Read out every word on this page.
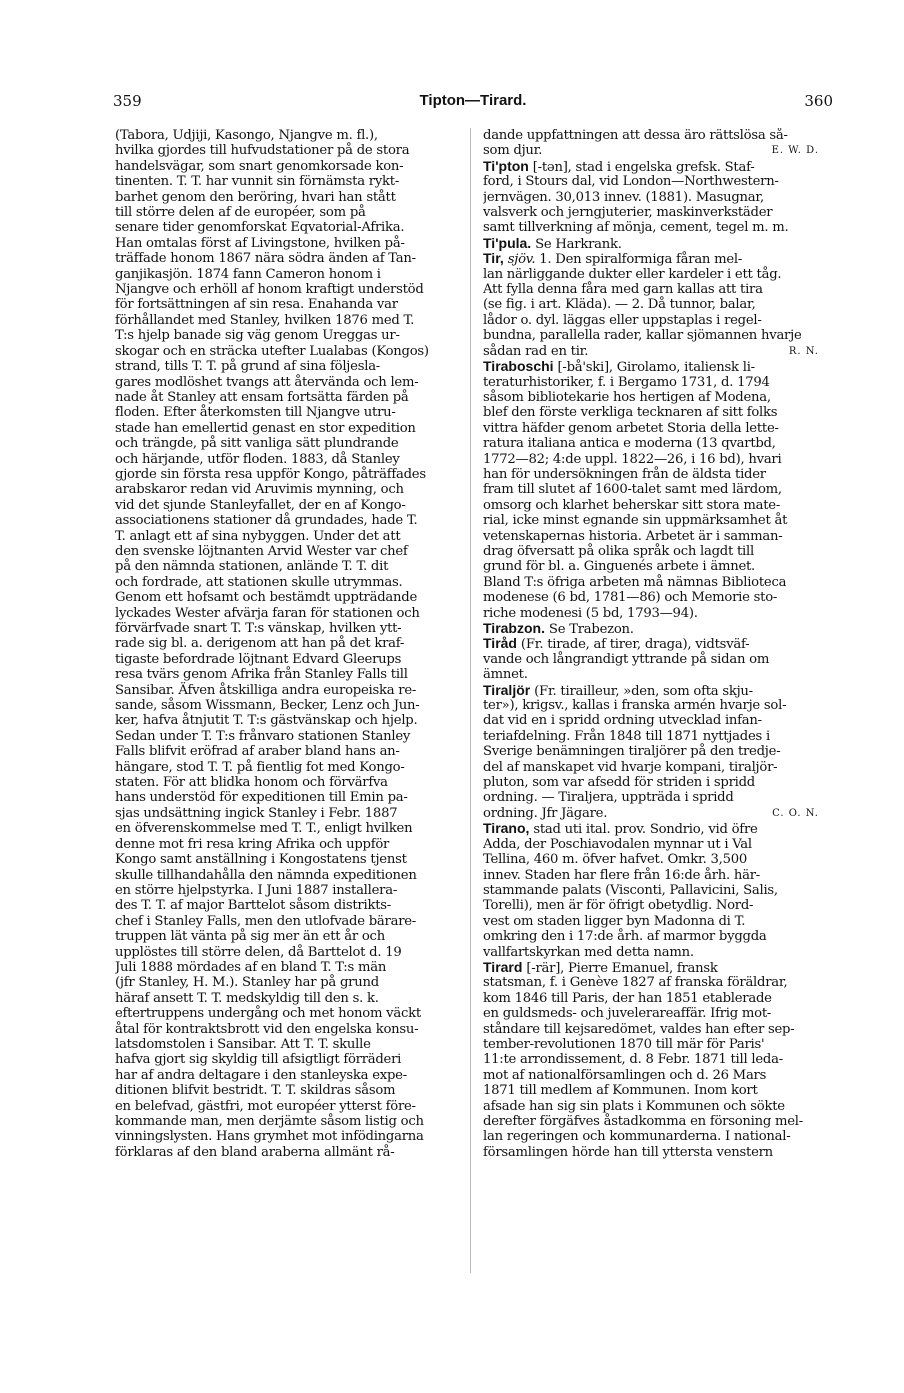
359	Tipton—Tirard.	360
(Tabora, Udjiji, Kasongo, Njangve m. fl.),
hvilka gjordes till hufvudstationer på de stora
handelsvägar, som snart genomkorsade kon-
tinenten. T. T. har vunnit sin förnämsta rykt-
barhet genom den beröring, hvari han stått
till större delen af de européer, som på
senare tider genomforskat Eqvatorial-Afrika.
Han omtalas först af Livingstone, hvilken på-
träffade honom 1867 nära södra änden af Tan-
ganjikasjön. 1874 fann Cameron honom i
Njangve och erhöll af honom kraftigt understöd
för fortsättningen af sin resa. Enahanda var
förhållandet med Stanley, hvilken 1876 med T.
T:s hjelp banade sig väg genom Ureggas ur-
skogar och en sträcka utefter Lualabas (Kongos)
strand, tills T. T. på grund af sina följesla-
gares modlöshet tvangs att återvända och lem-
nade åt Stanley att ensam fortsätta färden på
floden. Efter återkomsten till Njangve utru-
stade han emellertid genast en stor expedition
och trängde, på sitt vanliga sätt plundrande
och härjande, utför floden. 1883, då Stanley
gjorde sin första resa uppför Kongo, påträffades
arabskaror redan vid Aruvimis mynning, och
vid det sjunde Stanleyfallet, der en af Kongo-
associationens stationer då grundades, hade T.
T. anlagt ett af sina nybyggen. Under det att
den svenske löjtnanten Arvid Wester var chef
på den nämnda stationen, anlände T. T. dit
och fordrade, att stationen skulle utrymmas.
Genom ett hofsamt och bestämdt uppträdande
lyckades Wester afvärja faran för stationen och
förvärfvade snart T. T:s vänskap, hvilken ytt-
rade sig bl. a. derigenom att han på det kraf-
tigaste befordrade löjtnant Edvard Gleerups
resa tvärs genom Afrika från Stanley Falls till
Sansibar. Äfven åtskilliga andra europeiska re-
sande, såsom Wissmann, Becker, Lenz och Jun-
ker, hafva åtnjutit T. T:s gästvänskap och hjelp.
Sedan under T. T:s frånvaro stationen Stanley
Falls blifvit eröfrad af araber bland hans an-
hängare, stod T. T. på fientlig fot med Kongo-
staten. För att blidka honom och förvärfva
hans understöd för expeditionen till Emin pa-
sjas undsättning ingick Stanley i Febr. 1887
en öfverenskommelse med T. T., enligt hvilken
denne mot fri resa kring Afrika och uppför
Kongo samt anställning i Kongostatens tjenst
skulle tillhandahålla den nämnda expeditionen
en större hjelpstyrka. I Juni 1887 installera-
des T. T. af major Barttelot såsom distrikts-
chef i Stanley Falls, men den utlofvade bärare-
truppen lät vänta på sig mer än ett år och
upplöstes till större delen, då Barttelot d. 19
Juli 1888 mördades af en bland T. T:s män
(jfr Stanley, H. M.). Stanley har på grund
häraf ansett T. T. medskyldig till den s. k.
eftertruppens undergång och met honom väckt
åtal för kontraktsbrott vid den engelska konsu-
latsdomstolen i Sansibar. Att T. T. skulle
hafva gjort sig skyldig till afsigtligt förräderi
har af andra deltagare i den stanleyska expe-
ditionen blifvit bestridt. T. T. skildras såsom
en belefvad, gästfri, mot européer ytterst före-
kommande man, men derjämte såsom listig och
vinningslysten. Hans grymhet mot infödingarna
förklaras af den bland araberna allmänt rå-
dande uppfattningen att dessa äro rättslösa så-
som djur.	E. W. D.
Ti'pton [-tən], stad i engelska grefsk. Staf-
ford, i Stours dal, vid London—Northwestern-
jernvägen. 30,013 innev. (1881). Masugnar,
valsverk och jerngjuterier, maskinverkstäder
samt tillverkning af mönja, cement, tegel m. m.
Ti'pula. Se Harkrank.
Tir, sjöv. 1. Den spiralformiga fåran mel-
lan närliggande dukter eller kardeler i ett tåg.
Att fylla denna fåra med garn kallas att tira
(se fig. i art. Kläda). — 2. Då tunnor, balar,
lådor o. dyl. läggas eller uppstaplas i regel-
bundna, parallella rader, kallar sjömannen hvarje
sådan rad en tir.	R. N.
Tiraboschi [-bå'ski], Girolamo, italiensk li-
teraturhistoriker, f. i Bergamo 1731, d. 1794
såsom bibliotekarie hos hertigen af Modena,
blef den förste verkliga tecknaren af sitt folks
vittra häfder genom arbetet Storia della lette-
ratura italiana antica e moderna (13 qvartbd,
1772—82; 4:de uppl. 1822—26, i 16 bd), hvari
han för undersökningen från de äldsta tider
fram till slutet af 1600-talet samt med lärdom,
omsorg och klarhet beherskar sitt stora mate-
rial, icke minst egnande sin uppmärksamhet åt
vetenskapernas historia. Arbetet är i samman-
drag öfversatt på olika språk och lagdt till
grund för bl. a. Ginguenés arbete i ämnet.
Bland T:s öfriga arbeten må nämnas Biblioteca
modenese (6 bd, 1781—86) och Memorie sto-
riche modenesi (5 bd, 1793—94).
Tirabzon. Se Trabezon.
Tiråd (Fr. tirade, af tirer, draga), vidtsväf-
vande och långrandigt yttrande på sidan om
ämnet.
Tiraljör (Fr. tirailleur, »den, som ofta skju-
ter»), krigsv., kallas i franska armén hvarje sol-
dat vid en i spridd ordning utvecklad infan-
teriafdelning. Från 1848 till 1871 nyttjades i
Sverige benämningen tiraljörer på den tredje-
del af manskapet vid hvarje kompani, tiraljör-
pluton, som var afsedd för striden i spridd
ordning. — Tiraljera, uppträda i spridd
ordning. Jfr Jägare.	C. O. N.
Tirano, stad uti ital. prov. Sondrio, vid öfre
Adda, der Poschiavodalen mynnar ut i Val
Tellina, 460 m. öfver hafvet. Omkr. 3,500
innev. Staden har flere från 16:de årh. här-
stammande palats (Visconti, Pallavicini, Salis,
Torelli), men är för öfrigt obetydlig. Nord-
vest om staden ligger byn Madonna di T.
omkring den i 17:de årh. af marmor byggda
vallfartskyrkan med detta namn.
Tirard [-rär], Pierre Emanuel, fransk
statsman, f. i Genève 1827 af franska föräldrar,
kom 1846 till Paris, der han 1851 etablerade
en guldsmeds- och juvelerareaffär. Ifrig mot-
ståndare till kejsaredömet, valdes han efter sep-
tember-revolutionen 1870 till mär för Paris'
11:te arrondissement, d. 8 Febr. 1871 till leda-
mot af nationalförsamlingen och d. 26 Mars
1871 till medlem af Kommunen. Inom kort
afsade han sig sin plats i Kommunen och sökte
derefter förgäfves åstadkomma en försoning mel-
lan regeringen och kommunarderna. I national-
församlingen hörde han till yttersta venstern
